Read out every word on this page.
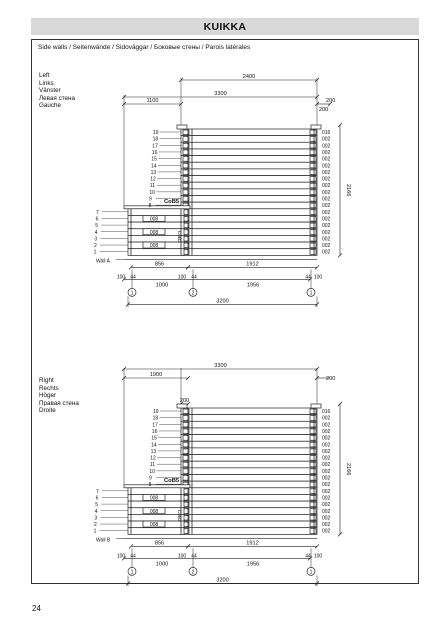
KUIKKA
Side walls / Seitenwände / Sidoväggar / Боковые стены / Parois latérales
Left
Links
Vänster
Левая стена
Gauche
Right
Rechts
Höger
Правая стена
Droite
2400
3300
1100
200
200
008
008
008
CoB5
CoB2
19
18
17
16
15
14
13
12
11
10
9
8
7
6
5
4
3
2
1
016
002
002
002
002
002
002
002
002
002
002
002
002
002
002
002
002
002
002
2166
Wall A
856	1912
100 44
1000
100 44
1956
44 100
1	2	1
3200
3300
1900
200
200
008
008
008
CoB5
CoB2
19
18
17
16
15
14
13
12
11
10
9
8
7
6
5
4
3
2
1
016
002
002
002
002
002
002
002
002
002
002
002
002
002
002
002
002
002
002
2166
Wall B
856	1912
100 44
1000
100 44
1956
44 100
1	2	1
3200
24
